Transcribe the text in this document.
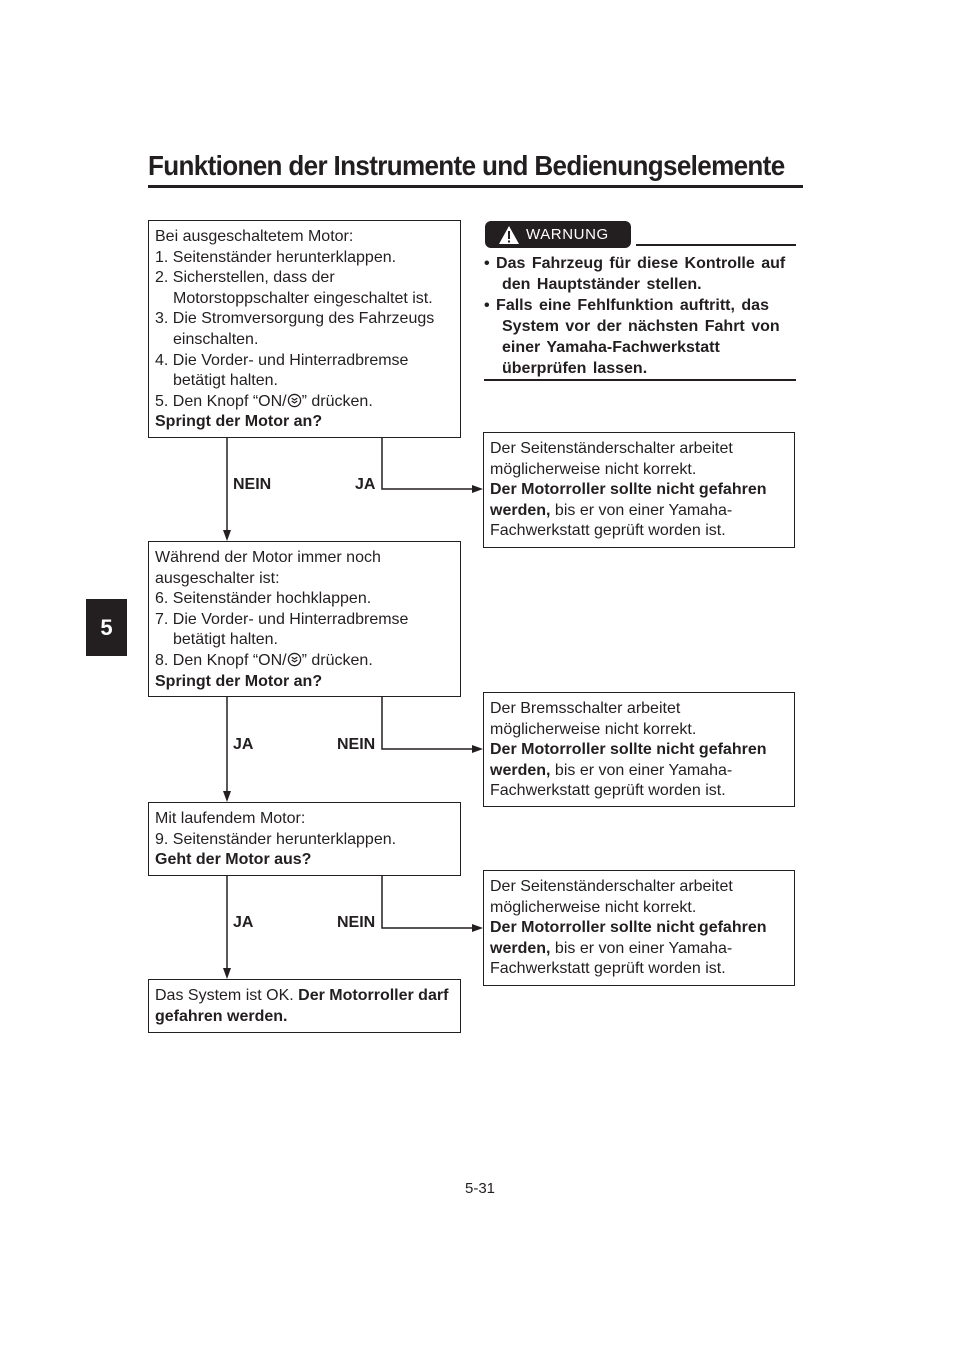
Funktionen der Instrumente und Bedienungselemente
5

Bei ausgeschaltetem Motor:

1. Seitenständer herunterklappen.

2. Sicherstellen, dass der Motorstoppschalter eingeschaltet ist.

3. Die Stromversorgung des Fahrzeugs einschalten.

4. Die Vorder- und Hinterradbremse betätigt halten.

5. Den Knopf “ON/ ” drücken.

Springt der Motor an?

WARNUNG

• Das Fahrzeug für diese Kontrolle auf den Hauptständer stellen.

• Falls eine Fehlfunktion auftritt, das System vor der nächsten Fahrt von einer Yamaha-Fachwerkstatt überprüfen lassen.

Der Seitenständerschalter arbeitet möglicherweise nicht korrekt.

Der Motorroller sollte nicht gefahren werden, bis er von einer Yamaha-Fachwerkstatt geprüft worden ist.

Während der Motor immer noch ausgeschalter ist:

6. Seitenständer hochklappen.

7. Die Vorder- und Hinterradbremse betätigt halten.

8. Den Knopf “ON/ ” drücken.

Springt der Motor an?

Der Bremsschalter arbeitet möglicherweise nicht korrekt.

Der Motorroller sollte nicht gefahren werden, bis er von einer Yamaha-Fachwerkstatt geprüft worden ist.

Mit laufendem Motor:

9. Seitenständer herunterklappen.

Geht der Motor aus?

Der Seitenständerschalter arbeitet möglicherweise nicht korrekt.

Der Motorroller sollte nicht gefahren werden, bis er von einer Yamaha-Fachwerkstatt geprüft worden ist.

Das System ist OK. Der Motorroller darf gefahren werden.

NEIN	JA
JA	NEIN
JA	NEIN
5-31
